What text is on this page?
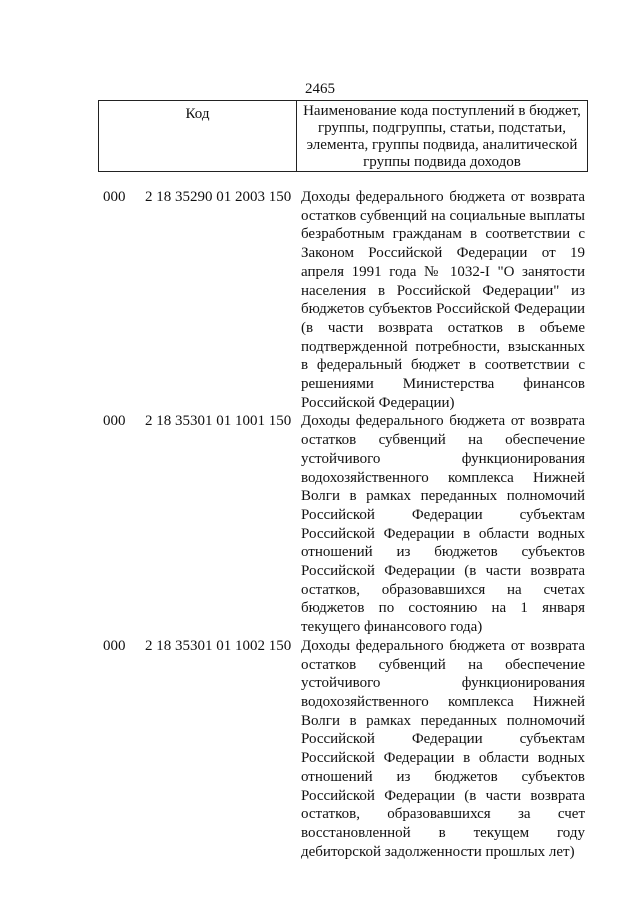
2465
Код	Наименование кода поступлений в бюджет, группы, подгруппы, статьи, подстатьи, элемента, группы подвида, аналитической группы подвида доходов
000 2 18 35290 01 2003 150 Доходы федерального бюджета от возврата остатков субвенций на социальные выплаты безработным гражданам в соответствии с Законом Российской Федерации от 19 апреля 1991 года № 1032-I "О занятости населения в Российской Федерации" из бюджетов субъектов Российской Федерации (в части возврата остатков в объеме подтвержденной потребности, взысканных в федеральный бюджет в соответствии с решениями Министерства финансов Российской Федерации)
000 2 18 35301 01 1001 150 Доходы федерального бюджета от возврата остатков субвенций на обеспечение устойчивого функционирования водохозяйственного комплекса Нижней Волги в рамках переданных полномочий Российской Федерации субъектам Российской Федерации в области водных отношений из бюджетов субъектов Российской Федерации (в части возврата остатков, образовавшихся на счетах бюджетов по состоянию на 1 января текущего финансового года)
000 2 18 35301 01 1002 150 Доходы федерального бюджета от возврата остатков субвенций на обеспечение устойчивого функционирования водохозяйственного комплекса Нижней Волги в рамках переданных полномочий Российской Федерации субъектам Российской Федерации в области водных отношений из бюджетов субъектов Российской Федерации (в части возврата остатков, образовавшихся за счет восстановленной в текущем году дебиторской задолженности прошлых лет)
